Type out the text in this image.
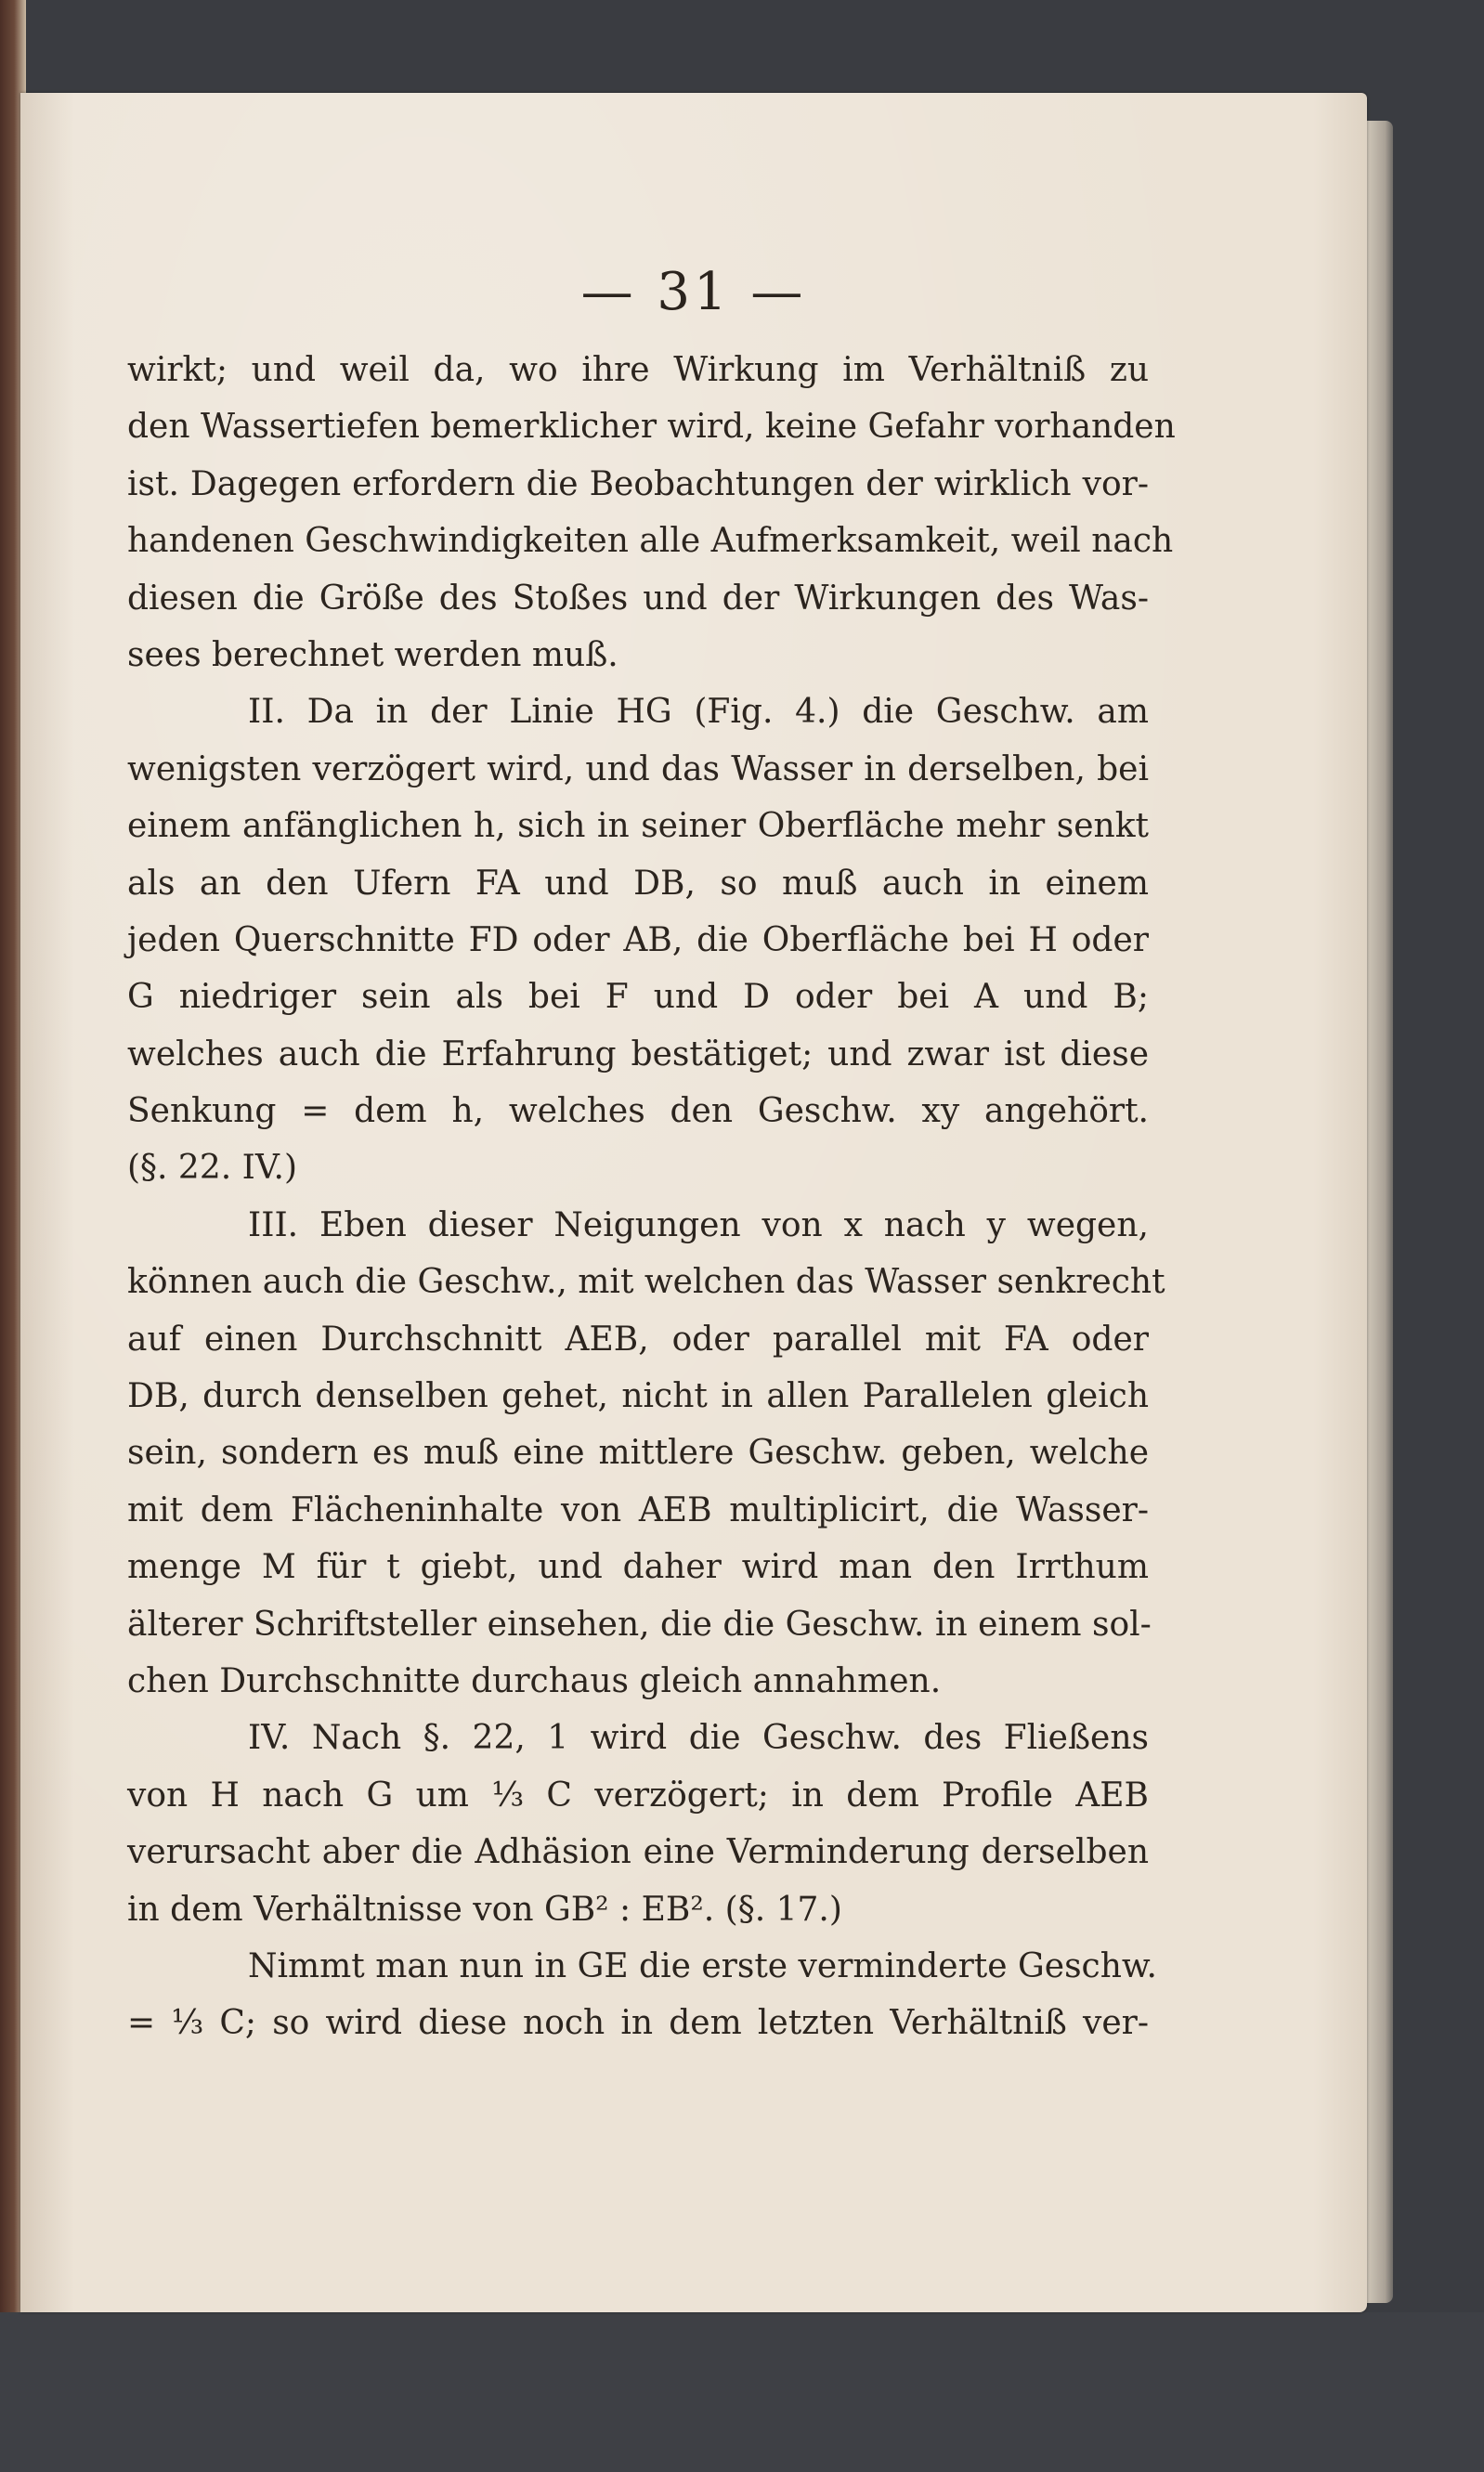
— 31 —
wirkt; und weil da, wo ihre Wirkung im Verhältniß zu
den Wassertiefen bemerklicher wird, keine Gefahr vorhanden
ist. Dagegen erfordern die Beobachtungen der wirklich vor-
handenen Geschwindigkeiten alle Aufmerksamkeit, weil nach
diesen die Größe des Stoßes und der Wirkungen des Was-
sees berechnet werden muß.
II. Da in der Linie HG (Fig. 4.) die Geschw. am
wenigsten verzögert wird, und das Wasser in derselben, bei
einem anfänglichen h, sich in seiner Oberfläche mehr senkt
als an den Ufern FA und DB, so muß auch in einem
jeden Querschnitte FD oder AB, die Oberfläche bei H oder
G niedriger sein als bei F und D oder bei A und B;
welches auch die Erfahrung bestätiget; und zwar ist diese
Senkung = dem h, welches den Geschw. xy angehört.
(§. 22. IV.)
III. Eben dieser Neigungen von x nach y wegen,
können auch die Geschw., mit welchen das Wasser senkrecht
auf einen Durchschnitt AEB, oder parallel mit FA oder
DB, durch denselben gehet, nicht in allen Parallelen gleich
sein, sondern es muß eine mittlere Geschw. geben, welche
mit dem Flächeninhalte von AEB multiplicirt, die Wasser-
menge M für t giebt, und daher wird man den Irrthum
älterer Schriftsteller einsehen, die die Geschw. in einem sol-
chen Durchschnitte durchaus gleich annahmen.
IV. Nach §. 22, 1 wird die Geschw. des Fließens
von H nach G um ⅓ C verzögert; in dem Profile AEB
verursacht aber die Adhäsion eine Verminderung derselben
in dem Verhältnisse von GB² : EB². (§. 17.)
Nimmt man nun in GE die erste verminderte Geschw.
= ⅓ C; so wird diese noch in dem letzten Verhältniß ver-
